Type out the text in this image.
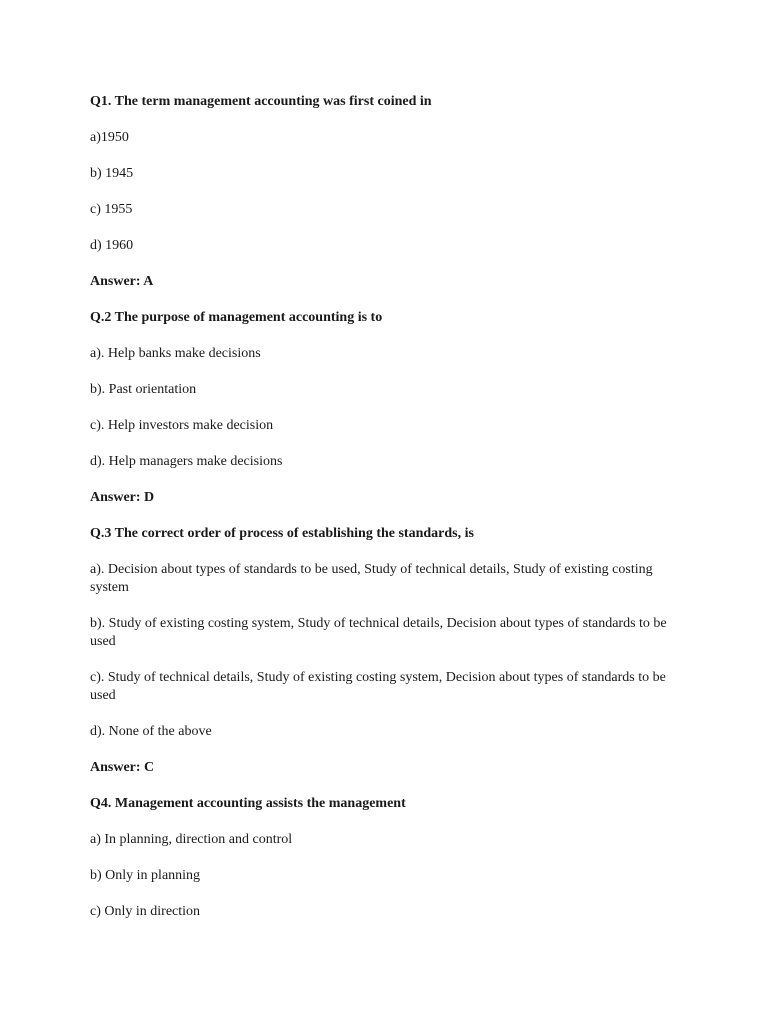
Q1. The term management accounting was first coined in

a)1950

b) 1945

c) 1955

d) 1960

Answer: A

Q.2 The purpose of management accounting is to

a). Help banks make decisions

b). Past orientation

c). Help investors make decision

d). Help managers make decisions

Answer: D

Q.3 The correct order of process of establishing the standards, is

a). Decision about types of standards to be used, Study of technical details, Study of existing costing system

b). Study of existing costing system, Study of technical details, Decision about types of standards to be used

c). Study of technical details, Study of existing costing system, Decision about types of standards to be used

d). None of the above

Answer: C

Q4. Management accounting assists the management

a) In planning, direction and control

b) Only in planning

c) Only in direction
